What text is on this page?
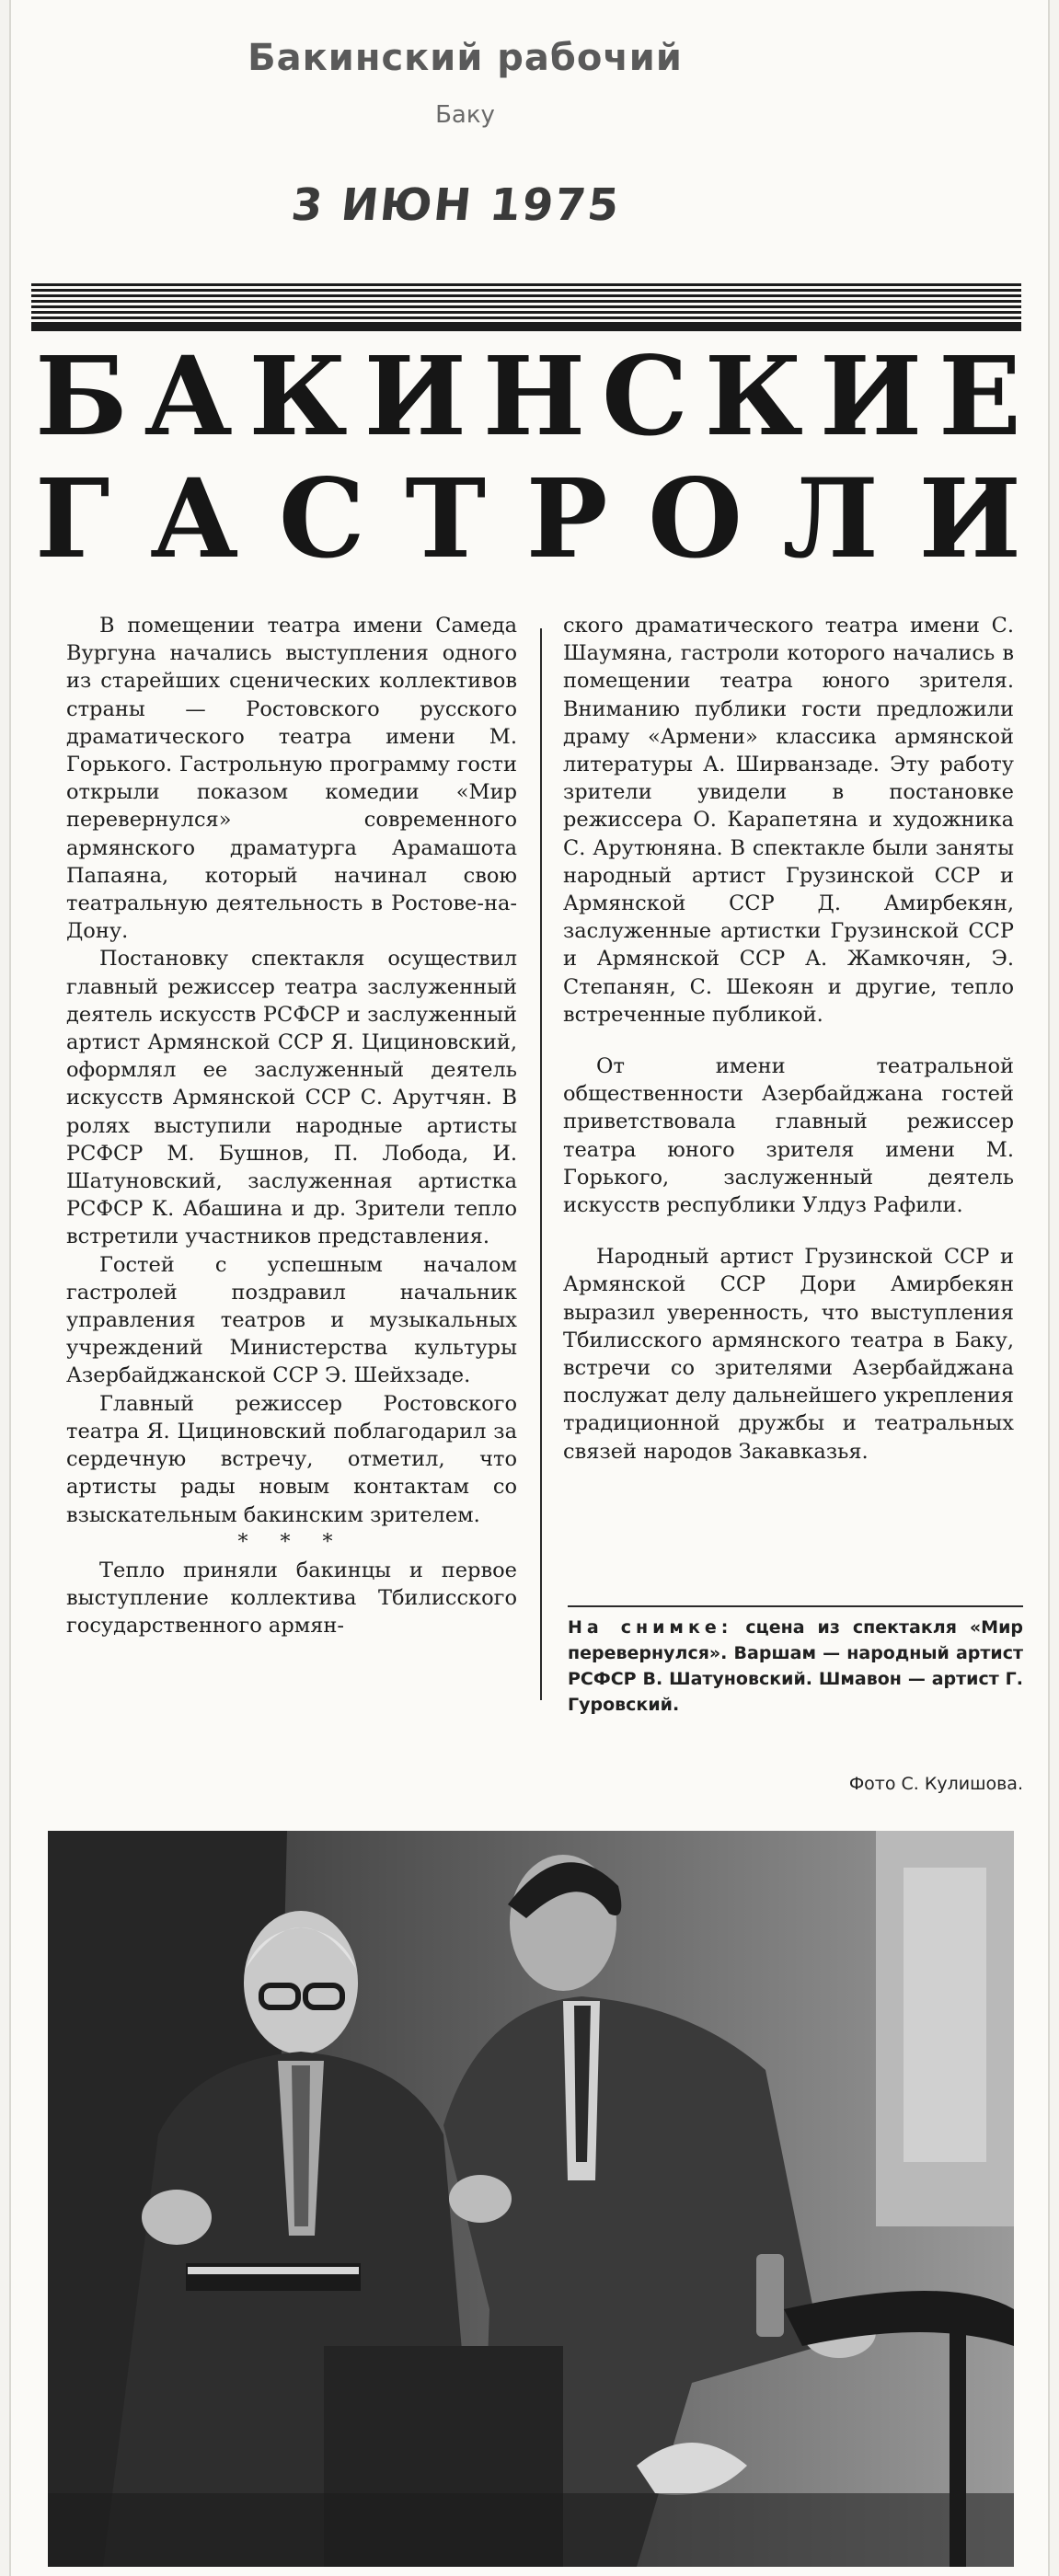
Бакинский рабочий
Баку
3 ИЮН 1975
Б А К И Н С К И Е
Г А С Т Р О Л И

В помещении театра имени Самеда Вургуна начались выступления одного из старейших сценических коллективов страны — Ростовского русского драматического театра имени М. Горького. Гастрольную программу гости открыли показом комедии «Мир перевернулся» современного армянского драматурга Арамашота Папаяна, который начинал свою театральную деятельность в Ростове-на-Дону.

Постановку спектакля осуществил главный режиссер театра заслуженный деятель искусств РСФСР и заслуженный артист Армянской ССР Я. Цициновский, оформлял ее заслуженный деятель искусств Армянской ССР С. Арутчян. В ролях выступили народные артисты РСФСР М. Бушнов, П. Лобода, И. Шатуновский, заслуженная артистка РСФСР К. Абашина и др. Зрители тепло встретили участников представления.

Гостей с успешным началом гастролей поздравил начальник управления театров и музыкальных учреждений Министерства культуры Азербайджанской ССР Э. Шейхзаде.

Главный режиссер Ростовского театра Я. Цициновский поблагодарил за сердечную встречу, отметил, что артисты рады новым контактам со взыскательным бакинским зрителем.

* * *

Тепло приняли бакинцы и первое выступление коллектива Тбилисского государственного армян-

ского драматического театра имени С. Шаумяна, гастроли которого начались в помещении театра юного зрителя. Вниманию публики гости предложили драму «Армени» классика армянской литературы А. Ширванзаде. Эту работу зрители увидели в постановке режиссера О. Карапетяна и художника С. Арутюняна. В спектакле были заняты народный артист Грузинской ССР и Армянской ССР Д. Амирбекян, заслуженные артистки Грузинской ССР и Армянской ССР А. Жамкочян, Э. Степанян, С. Шекоян и другие, тепло встреченные публикой.

От имени театральной общественности Азербайджана гостей приветствовала главный режиссер театра юного зрителя имени М. Горького, заслуженный деятель искусств республики Улдуз Рафили.

Народный артист Грузинской ССР и Армянской ССР Дори Амирбекян выразил уверенность, что выступления Тбилисского армянского театра в Баку, встречи со зрителями Азербайджана послужат делу дальнейшего укрепления традиционной дружбы и театральных связей народов Закавказья.

На снимке: сцена из спектакля «Мир перевернулся». Варшам — народный артист РСФСР В. Шатуновский. Шмавон — артист Г. Гуровский.
Фото С. Кулишова.
